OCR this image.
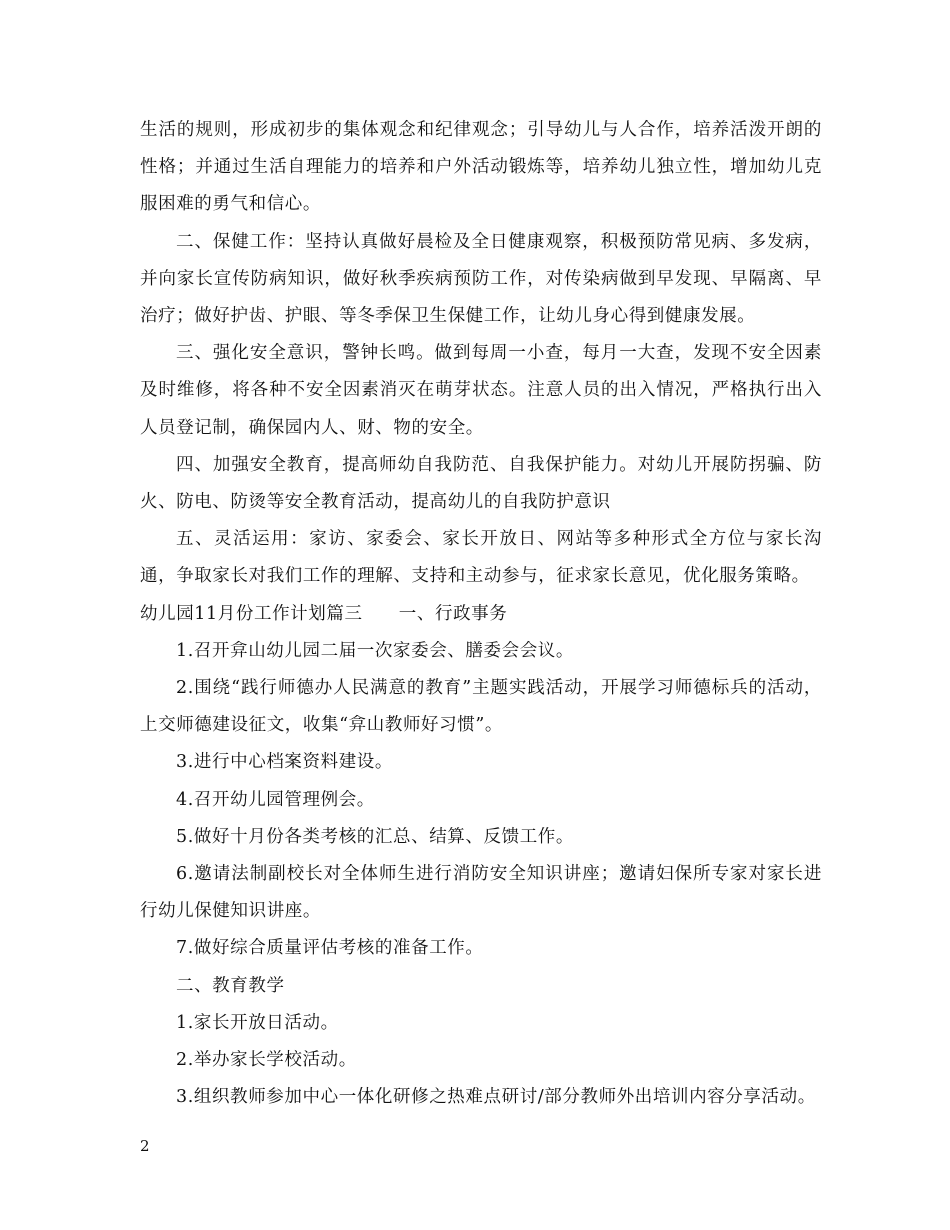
生活的规则，形成初步的集体观念和纪律观念；引导幼儿与人合作，培养活泼开朗的性格；并通过生活自理能力的培养和户外活动锻炼等，培养幼儿独立性，增加幼儿克服困难的勇气和信心。

二、保健工作：坚持认真做好晨检及全日健康观察，积极预防常见病、多发病，并向家长宣传防病知识，做好秋季疾病预防工作，对传染病做到早发现、早隔离、早治疗；做好护齿、护眼、等冬季保卫生保健工作，让幼儿身心得到健康发展。

三、强化安全意识，警钟长鸣。做到每周一小查，每月一大查，发现不安全因素及时维修，将各种不安全因素消灭在萌芽状态。注意人员的出入情况，严格执行出入人员登记制，确保园内人、财、物的安全。

四、加强安全教育，提高师幼自我防范、自我保护能力。对幼儿开展防拐骗、防火、防电、防烫等安全教育活动，提高幼儿的自我防护意识

五、灵活运用：家访、家委会、家长开放日、网站等多种形式全方位与家长沟通，争取家长对我们工作的理解、支持和主动参与，征求家长意见，优化服务策略。

幼儿园11月份工作计划篇三　　一、行政事务

1.召开弇山幼儿园二届一次家委会、膳委会会议。

2.围绕“践行师德办人民满意的教育”主题实践活动，开展学习师德标兵的活动，上交师德建设征文，收集“弇山教师好习惯”。

3.进行中心档案资料建设。

4.召开幼儿园管理例会。

5.做好十月份各类考核的汇总、结算、反馈工作。

6.邀请法制副校长对全体师生进行消防安全知识讲座；邀请妇保所专家对家长进行幼儿保健知识讲座。

7.做好综合质量评估考核的准备工作。

二、教育教学

1.家长开放日活动。

2.举办家长学校活动。

3.组织教师参加中心一体化研修之热难点研讨/部分教师外出培训内容分享活动。

2
